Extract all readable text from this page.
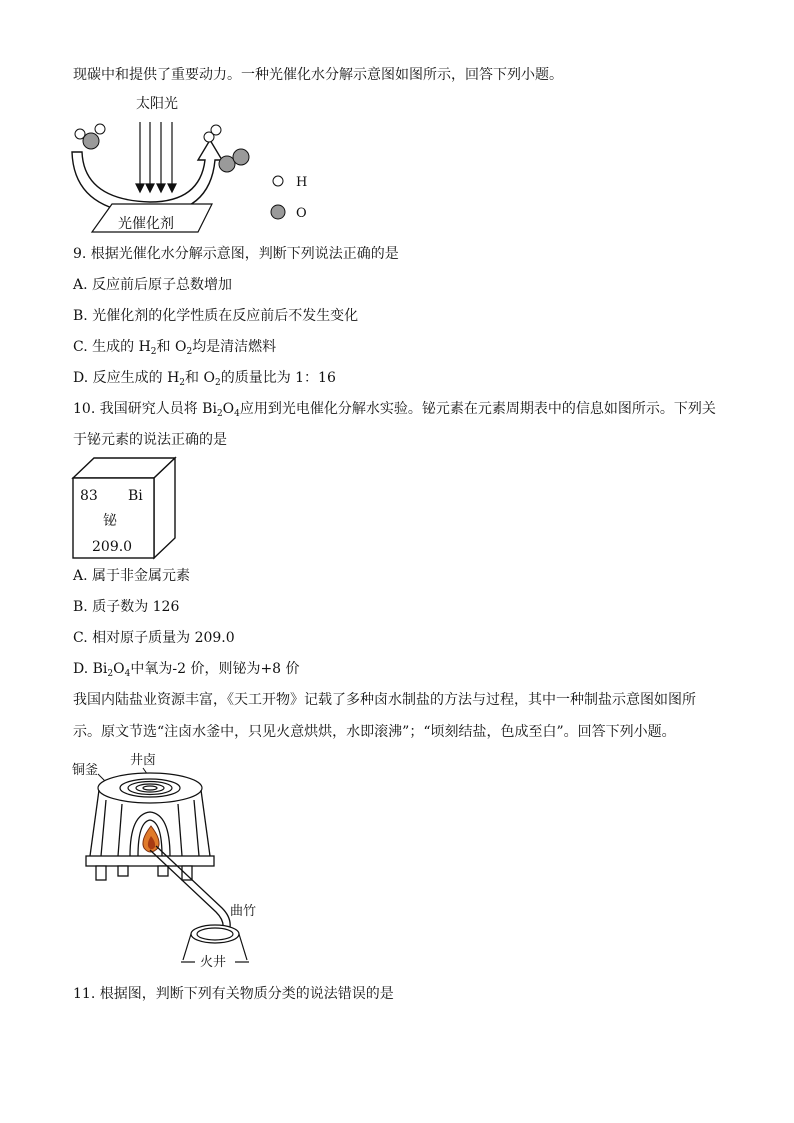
现碳中和提供了重要动力。一种光催化水分解示意图如图所示，回答下列小题。
太阳光
光催化剂
H
O
9. 根据光催化水分解示意图，判断下列说法正确的是
A. 反应前后原子总数增加
B. 光催化剂的化学性质在反应前后不发生变化
C. 生成的 $H_2$和 $O_2$均是清洁燃料
D. 反应生成的 $H_2$和 $O_2$的质量比为 1：16
10. 我国研究人员将 $Bi_2O_4$应用到光电催化分解水实验。铋元素在元素周期表中的信息如图所示。下列关
于铋元素的说法正确的是
83 Bi
铋
209.0
A. 属于非金属元素
B. 质子数为 126
C. 相对原子质量为 209.0
D. $Bi_2O_4$中氧为-2 价，则铋为+8 价
我国内陆盐业资源丰富，《天工开物》记载了多种卤水制盐的方法与过程，其中一种制盐示意图如图所
示。原文节选“注卤水釜中，只见火意烘烘，水即滚沸”；“顷刻结盐，色成至白”。回答下列小题。
井卤
铜釜
曲竹
火井
11. 根据图，判断下列有关物质分类的说法错误的是
